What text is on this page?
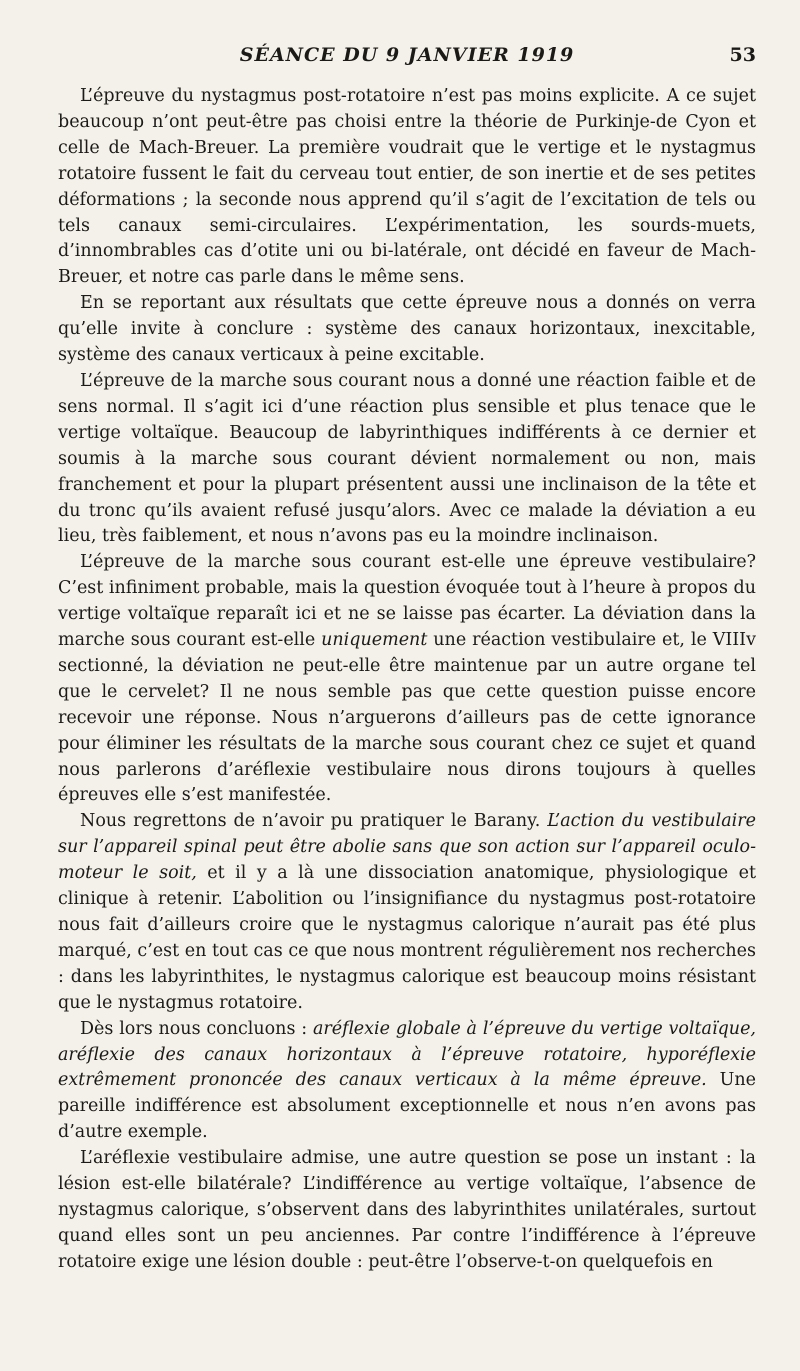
SÉANCE DU 9 JANVIER 1919	53

L’épreuve du nystagmus post-rotatoire n’est pas moins explicite. A ce sujet beaucoup n’ont peut-être pas choisi entre la théorie de Purkinje-de Cyon et celle de Mach-Breuer. La première voudrait que le vertige et le nystagmus rotatoire fussent le fait du cerveau tout entier, de son inertie et de ses petites déformations ; la seconde nous apprend qu’il s’agit de l’excitation de tels ou tels canaux semi-circulaires. L’expérimentation, les sourds-muets, d’innombrables cas d’otite uni ou bi-latérale, ont décidé en faveur de Mach-Breuer, et notre cas parle dans le même sens.

En se reportant aux résultats que cette épreuve nous a donnés on verra qu’elle invite à conclure : système des canaux horizontaux, inexcitable, système des canaux verticaux à peine excitable.

L’épreuve de la marche sous courant nous a donné une réaction faible et de sens normal. Il s’agit ici d’une réaction plus sensible et plus tenace que le vertige voltaïque. Beaucoup de labyrinthiques indifférents à ce dernier et soumis à la marche sous courant dévient normalement ou non, mais franchement et pour la plupart présentent aussi une inclinaison de la tête et du tronc qu’ils avaient refusé jusqu’alors. Avec ce malade la déviation a eu lieu, très faiblement, et nous n’avons pas eu la moindre inclinaison.

L’épreuve de la marche sous courant est-elle une épreuve vestibulaire? C’est infiniment probable, mais la question évoquée tout à l’heure à propos du vertige voltaïque reparaît ici et ne se laisse pas écarter. La déviation dans la marche sous courant est-elle uniquement une réaction vestibulaire et, le VIIIv sectionné, la déviation ne peut-elle être maintenue par un autre organe tel que le cervelet? Il ne nous semble pas que cette question puisse encore recevoir une réponse. Nous n’arguerons d’ailleurs pas de cette ignorance pour éliminer les résultats de la marche sous courant chez ce sujet et quand nous parlerons d’aréflexie vestibulaire nous dirons toujours à quelles épreuves elle s’est manifestée.

Nous regrettons de n’avoir pu pratiquer le Barany. L’action du vestibulaire sur l’appareil spinal peut être abolie sans que son action sur l’appareil oculo-moteur le soit, et il y a là une dissociation anatomique, physiologique et clinique à retenir. L’abolition ou l’insignifiance du nystagmus post-rotatoire nous fait d’ailleurs croire que le nystagmus calorique n’aurait pas été plus marqué, c’est en tout cas ce que nous montrent régulièrement nos recherches : dans les labyrinthites, le nystagmus calorique est beaucoup moins résistant que le nystagmus rotatoire.

Dès lors nous concluons : aréflexie globale à l’épreuve du vertige voltaïque, aréflexie des canaux horizontaux à l’épreuve rotatoire, hyporéflexie extrêmement prononcée des canaux verticaux à la même épreuve. Une pareille indifférence est absolument exceptionnelle et nous n’en avons pas d’autre exemple.

L’aréflexie vestibulaire admise, une autre question se pose un instant : la lésion est-elle bilatérale? L’indifférence au vertige voltaïque, l’absence de nystagmus calorique, s’observent dans des labyrinthites unilatérales, surtout quand elles sont un peu anciennes. Par contre l’indifférence à l’épreuve rotatoire exige une lésion double : peut-être l’observe-t-on quelquefois en
